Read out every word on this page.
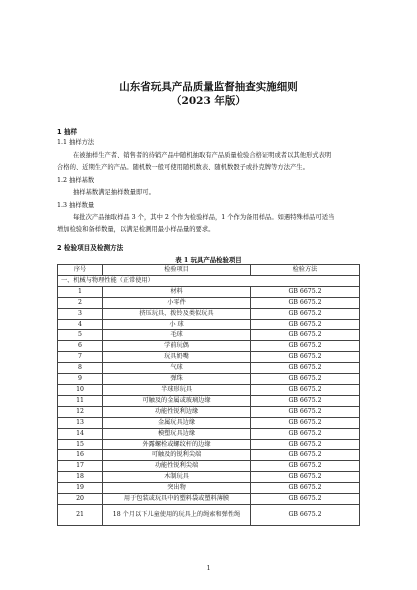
山东省玩具产品质量监督抽查实施细则
（2023 年版）
1 抽样
1.1 抽样方法
在被抽样生产者、销售者的待销产品中随机抽取有产品质量检验合格证明或者以其他形式表明
合格的、近期生产的产品。随机数一般可使用随机数表、随机数骰子或扑克牌等方法产生。
1.2 抽样基数
抽样基数满足抽样数量即可。
1.3 抽样数量
每批次产品抽取样品 3 个，其中 2 个作为检验样品，1 个作为备用样品。如遇特殊样品可适当
增加检验和备样数量，以满足检测用最小样品量的要求。
2 检验项目及检测方法
表 1 玩具产品检验项目
序号	检验项目	检验方法
一、机械与物理性能（正常使用）		
1	材料	GB 6675.2
2	小零件	GB 6675.2
3	挤压玩具、拨铃及类似玩具	GB 6675.2
4	小 球	GB 6675.2
5	毛球	GB 6675.2
6	学前玩偶	GB 6675.2
7	玩具奶嘴	GB 6675.2
8	气球	GB 6675.2
9	弹珠	GB 6675.2
10	半球形玩具	GB 6675.2
11	可触及的金属或玻璃边缘	GB 6675.2
12	功能性锐利边缘	GB 6675.2
13	金属玩具边缘	GB 6675.2
14	模塑玩具边缘	GB 6675.2
15	外露螺栓或螺纹杆的边缘	GB 6675.2
16	可触及的锐利尖端	GB 6675.2
17	功能性锐利尖端	GB 6675.2
18	木制玩具	GB 6675.2
19	突出物	GB 6675.2
20	用于包装或玩具中的塑料袋或塑料薄膜	GB 6675.2
21	18 个月以下儿童使用的玩具上的绳索和弹性绳	GB 6675.2
1
